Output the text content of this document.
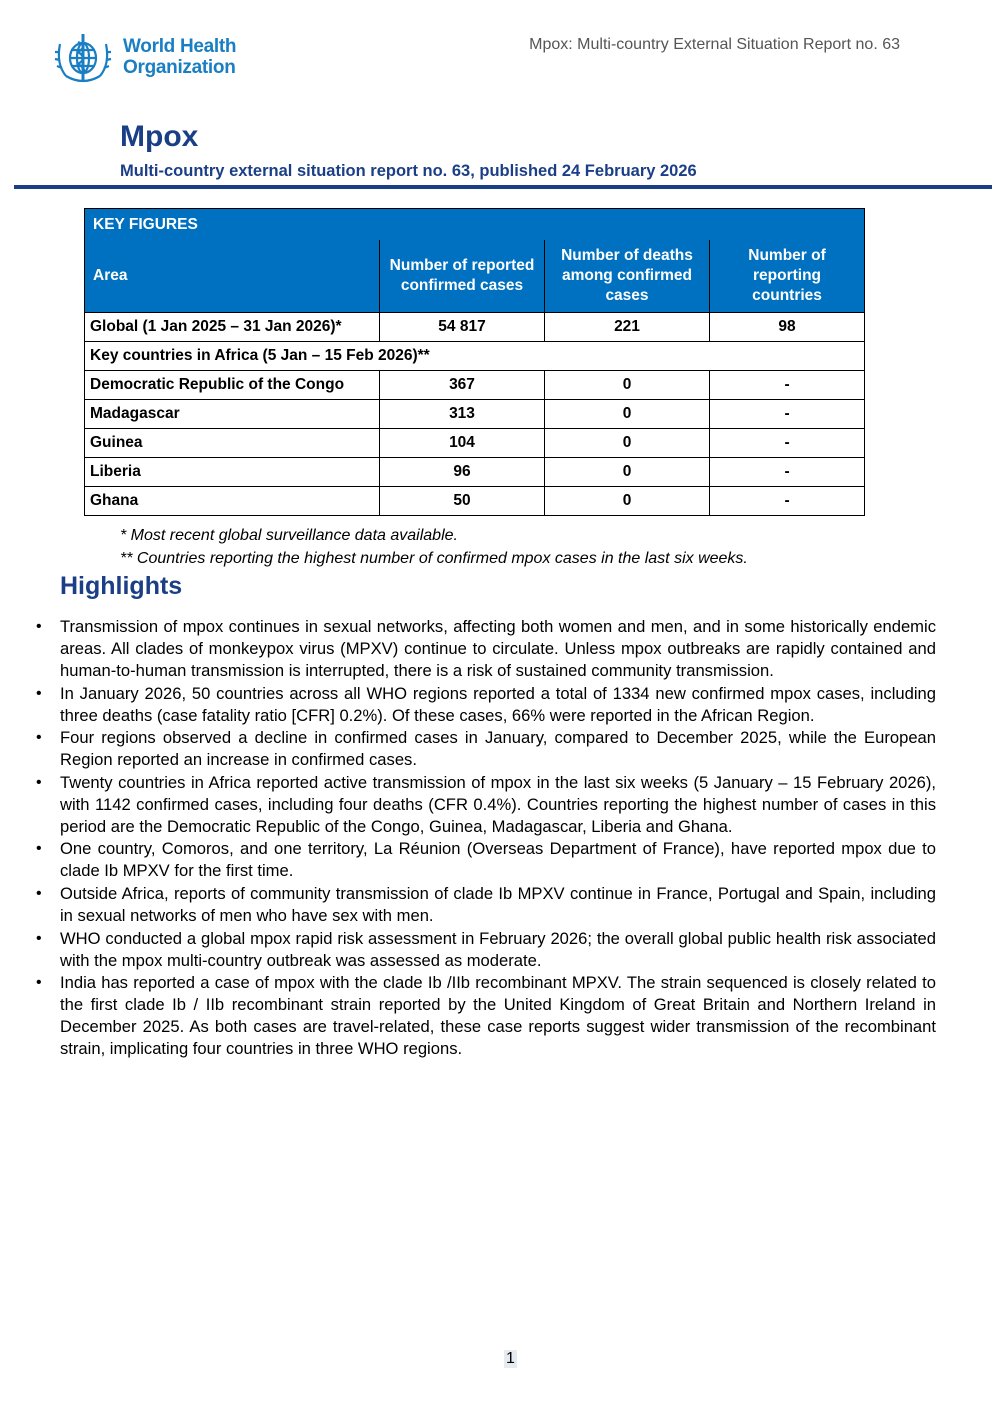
World Health
Organization
Mpox: Multi-country External Situation Report no. 63
Mpox
Multi-country external situation report no. 63, published 24 February 2026
KEY FIGURES			
Area	Number of reported confirmed cases	Number of deaths among confirmed cases	Number of reporting countries
Global (1 Jan 2025 – 31 Jan 2026)*	54 817	221	98
Key countries in Africa (5 Jan – 15 Feb 2026)**			
Democratic Republic of the Congo	367	0	-
Madagascar	313	0	-
Guinea	104	0	-
Liberia	96	0	-
Ghana	50	0	-
* Most recent global surveillance data available.
** Countries reporting the highest number of confirmed mpox cases in the last six weeks.
Highlights
• Transmission of mpox continues in sexual networks, affecting both women and men, and in some historically endemic areas. All clades of monkeypox virus (MPXV) continue to circulate. Unless mpox outbreaks are rapidly contained and human-to-human transmission is interrupted, there is a risk of sustained community transmission.
• In January 2026, 50 countries across all WHO regions reported a total of 1334 new confirmed mpox cases, including three deaths (case fatality ratio [CFR] 0.2%). Of these cases, 66% were reported in the African Region.
• Four regions observed a decline in confirmed cases in January, compared to December 2025, while the European Region reported an increase in confirmed cases.
• Twenty countries in Africa reported active transmission of mpox in the last six weeks (5 January – 15 February 2026), with 1142 confirmed cases, including four deaths (CFR 0.4%). Countries reporting the highest number of cases in this period are the Democratic Republic of the Congo, Guinea, Madagascar, Liberia and Ghana.
• One country, Comoros, and one territory, La Réunion (Overseas Department of France), have reported mpox due to clade Ib MPXV for the first time.
• Outside Africa, reports of community transmission of clade Ib MPXV continue in France, Portugal and Spain, including in sexual networks of men who have sex with men.
• WHO conducted a global mpox rapid risk assessment in February 2026; the overall global public health risk associated with the mpox multi-country outbreak was assessed as moderate.
• India has reported a case of mpox with the clade Ib /IIb recombinant MPXV. The strain sequenced is closely related to the first clade Ib / IIb recombinant strain reported by the United Kingdom of Great Britain and Northern Ireland in December 2025. As both cases are travel-related, these case reports suggest wider transmission of the recombinant strain, implicating four countries in three WHO regions.
1
